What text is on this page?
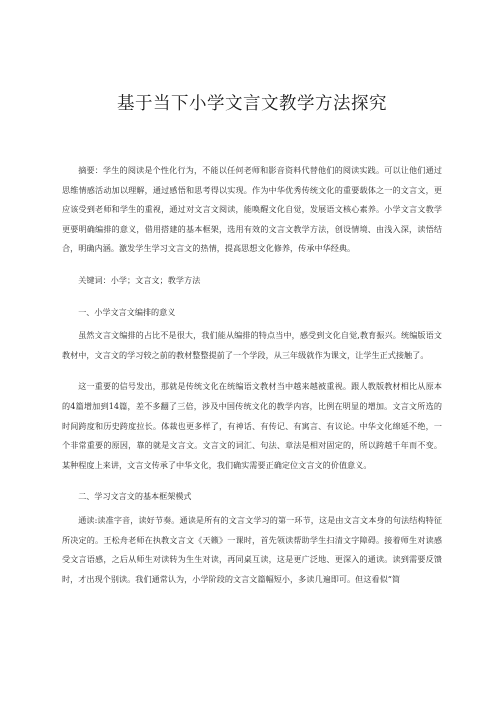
基于当下小学文言文教学方法探究

摘要：学生的阅读是个性化行为，不能以任何老师和影音资料代替他们的阅读实践。可以让他们通过思维情感活动加以理解，通过感悟和思考得以实现。作为中华优秀传统文化的重要载体之一的文言文，更应该受到老师和学生的重视，通过对文言文阅读，能唤醒文化自觉，发展语文核心素养。小学文言文教学更要明确编排的意义，借用搭建的基本框架，选用有效的文言文教学方法，创设情境、由浅入深，读悟结合，明确内涵。激发学生学习文言文的热情，提高思想文化修养，传承中华经典。

关键词：小学；文言文；教学方法

一、小学文言文编排的意义

虽然文言文编排的占比不是很大，我们能从编排的特点当中，感受到文化自觉,教育振兴。统编版语文教材中，文言文的学习较之前的教材整整提前了一个学段，从三年级就作为课文，让学生正式接触了。

这一重要的信号发出，那就是传统文化在统编语文教材当中越来越被重视。跟人教版教材相比从原本的4篇增加到14篇，差不多翻了三倍，涉及中国传统文化的教学内容，比例在明显的增加。文言文所选的时间跨度和历史跨度拉长。体裁也更多样了，有神话、有传记、有寓言、有议论。中华文化绵延不绝，一个非常重要的原因，靠的就是文言文。文言文的词汇、句法、章法是相对固定的，所以跨越千年而不变。某种程度上来讲，文言文传承了中华文化，我们确实需要正确定位文言文的价值意义。

二、学习文言文的基本框架模式

通读:读准字音，读好节奏。通读是所有的文言文学习的第一环节，这是由文言文本身的句法结构特征所决定的。王松舟老师在执教文言文《天籁》一课时，首先领读帮助学生扫清文字障碍。接着师生对读感受文言语感，之后从师生对读转为生生对读，再同桌互读，这是更广泛地、更深入的通读。读到需要反馈时，才出现个别读。我们通常认为，小学阶段的文言文篇幅短小，多读几遍即可。但这看似“简
